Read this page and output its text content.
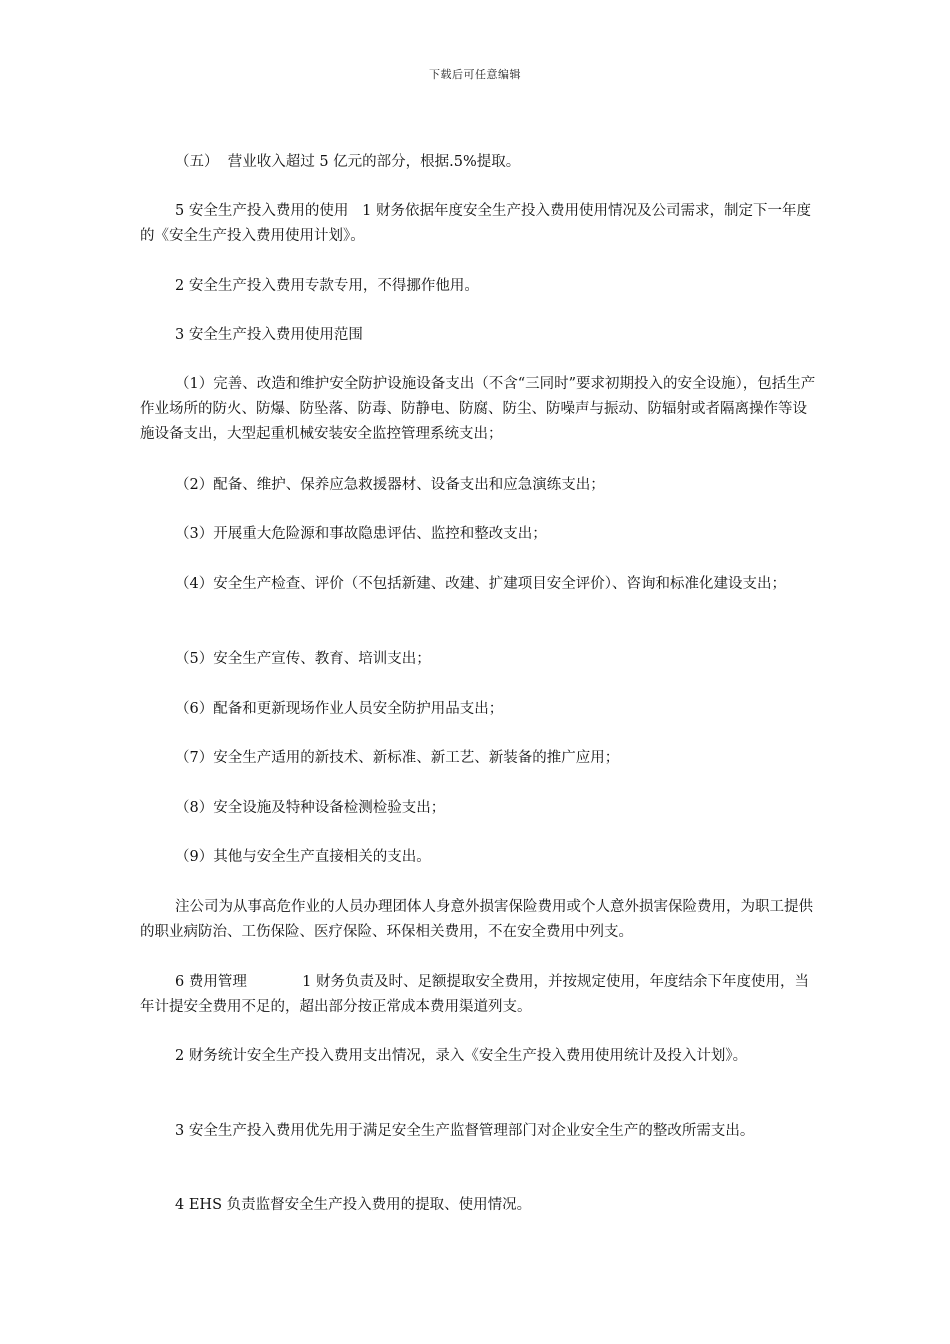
下载后可任意编辑

（五）  营业收入超过 5 亿元的部分，根据.5%提取。

5 安全生产投入费用的使用   1 财务依据年度安全生产投入费用使用情况及公司需求，制定下一年度的《安全生产投入费用使用计划》。

2 安全生产投入费用专款专用，不得挪作他用。

3 安全生产投入费用使用范围

（1）完善、改造和维护安全防护设施设备支出（不含“三同时”要求初期投入的安全设施），包括生产作业场所的防火、防爆、防坠落、防毒、防静电、防腐、防尘、防噪声与振动、防辐射或者隔离操作等设施设备支出，大型起重机械安装安全监控管理系统支出；

（2）配备、维护、保养应急救援器材、设备支出和应急演练支出；

（3）开展重大危险源和事故隐患评估、监控和整改支出；

（4）安全生产检查、评价（不包括新建、改建、扩建项目安全评价）、咨询和标准化建设支出；

（5）安全生产宣传、教育、培训支出；

（6）配备和更新现场作业人员安全防护用品支出；

（7）安全生产适用的新技术、新标准、新工艺、新装备的推广应用；

（8）安全设施及特种设备检测检验支出；

（9）其他与安全生产直接相关的支出。

注公司为从事高危作业的人员办理团体人身意外损害保险费用或个人意外损害保险费用，为职工提供的职业病防治、工伤保险、医疗保险、环保相关费用，不在安全费用中列支。

6 费用管理            1 财务负责及时、足额提取安全费用，并按规定使用，年度结余下年度使用，当年计提安全费用不足的，超出部分按正常成本费用渠道列支。

2 财务统计安全生产投入费用支出情况，录入《安全生产投入费用使用统计及投入计划》。

3 安全生产投入费用优先用于满足安全生产监督管理部门对企业安全生产的整改所需支出。

4 EHS 负责监督安全生产投入费用的提取、使用情况。
